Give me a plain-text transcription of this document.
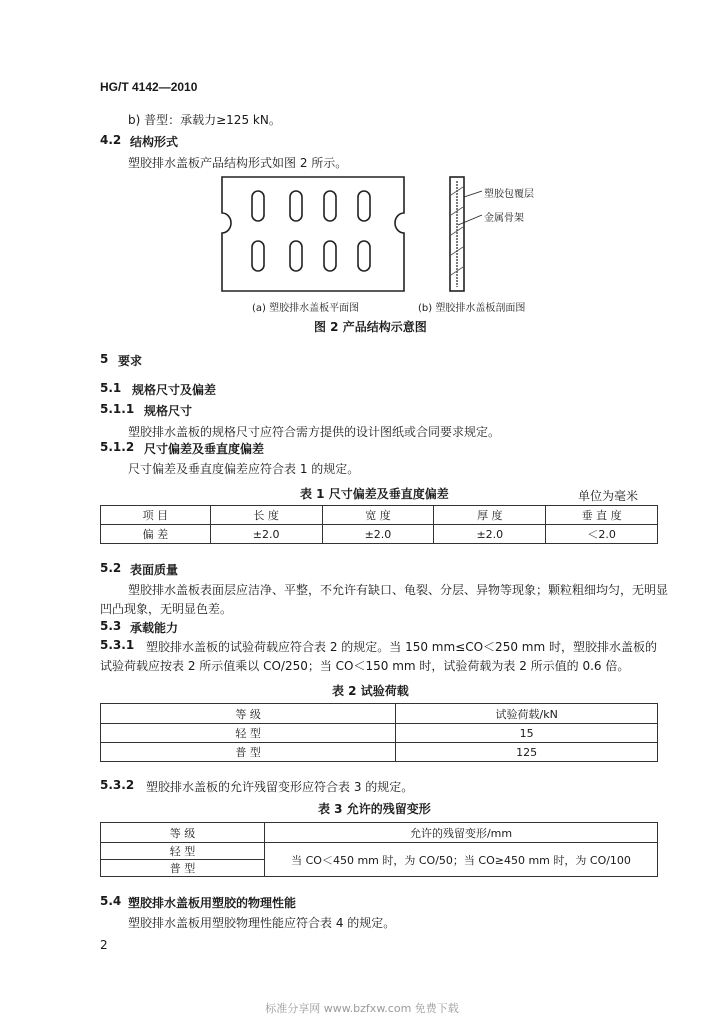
HG/T 4142—2010
b) 普型：承载力≥125 kN。
4.2 结构形式
塑胶排水盖板产品结构形式如图 2 所示。
塑胶包覆层
金属骨架
(a) 塑胶排水盖板平面图	(b) 塑胶排水盖板剖面图
图 2 产品结构示意图
5 要求
5.1 规格尺寸及偏差
5.1.1 规格尺寸
塑胶排水盖板的规格尺寸应符合需方提供的设计图纸或合同要求规定。
5.1.2 尺寸偏差及垂直度偏差
尺寸偏差及垂直度偏差应符合表 1 的规定。
表 1 尺寸偏差及垂直度偏差	单位为毫米
项 目	长 度	宽 度	厚 度	垂 直 度
偏 差	±2.0	±2.0	±2.0	＜2.0
5.2 表面质量
塑胶排水盖板表面层应洁净、平整，不允许有缺口、龟裂、分层、异物等现象；颗粒粗细均匀，无明显
凹凸现象，无明显色差。
5.3 承载能力
5.3.1 塑胶排水盖板的试验荷载应符合表 2 的规定。当 150 mm≤CO＜250 mm 时，塑胶排水盖板的
试验荷载应按表 2 所示值乘以 CO/250；当 CO＜150 mm 时，试验荷载为表 2 所示值的 0.6 倍。
表 2 试验荷载
等 级	试验荷载/kN
轻 型	15
普 型	125
5.3.2 塑胶排水盖板的允许残留变形应符合表 3 的规定。
表 3 允许的残留变形
等 级	允许的残留变形/mm
轻 型	当 CO＜450 mm 时，为 CO/50；当 CO≥450 mm 时，为 CO/100
普 型	
5.4 塑胶排水盖板用塑胶的物理性能
塑胶排水盖板用塑胶物理性能应符合表 4 的规定。
2
标准分享网 www.bzfxw.com 免费下载
